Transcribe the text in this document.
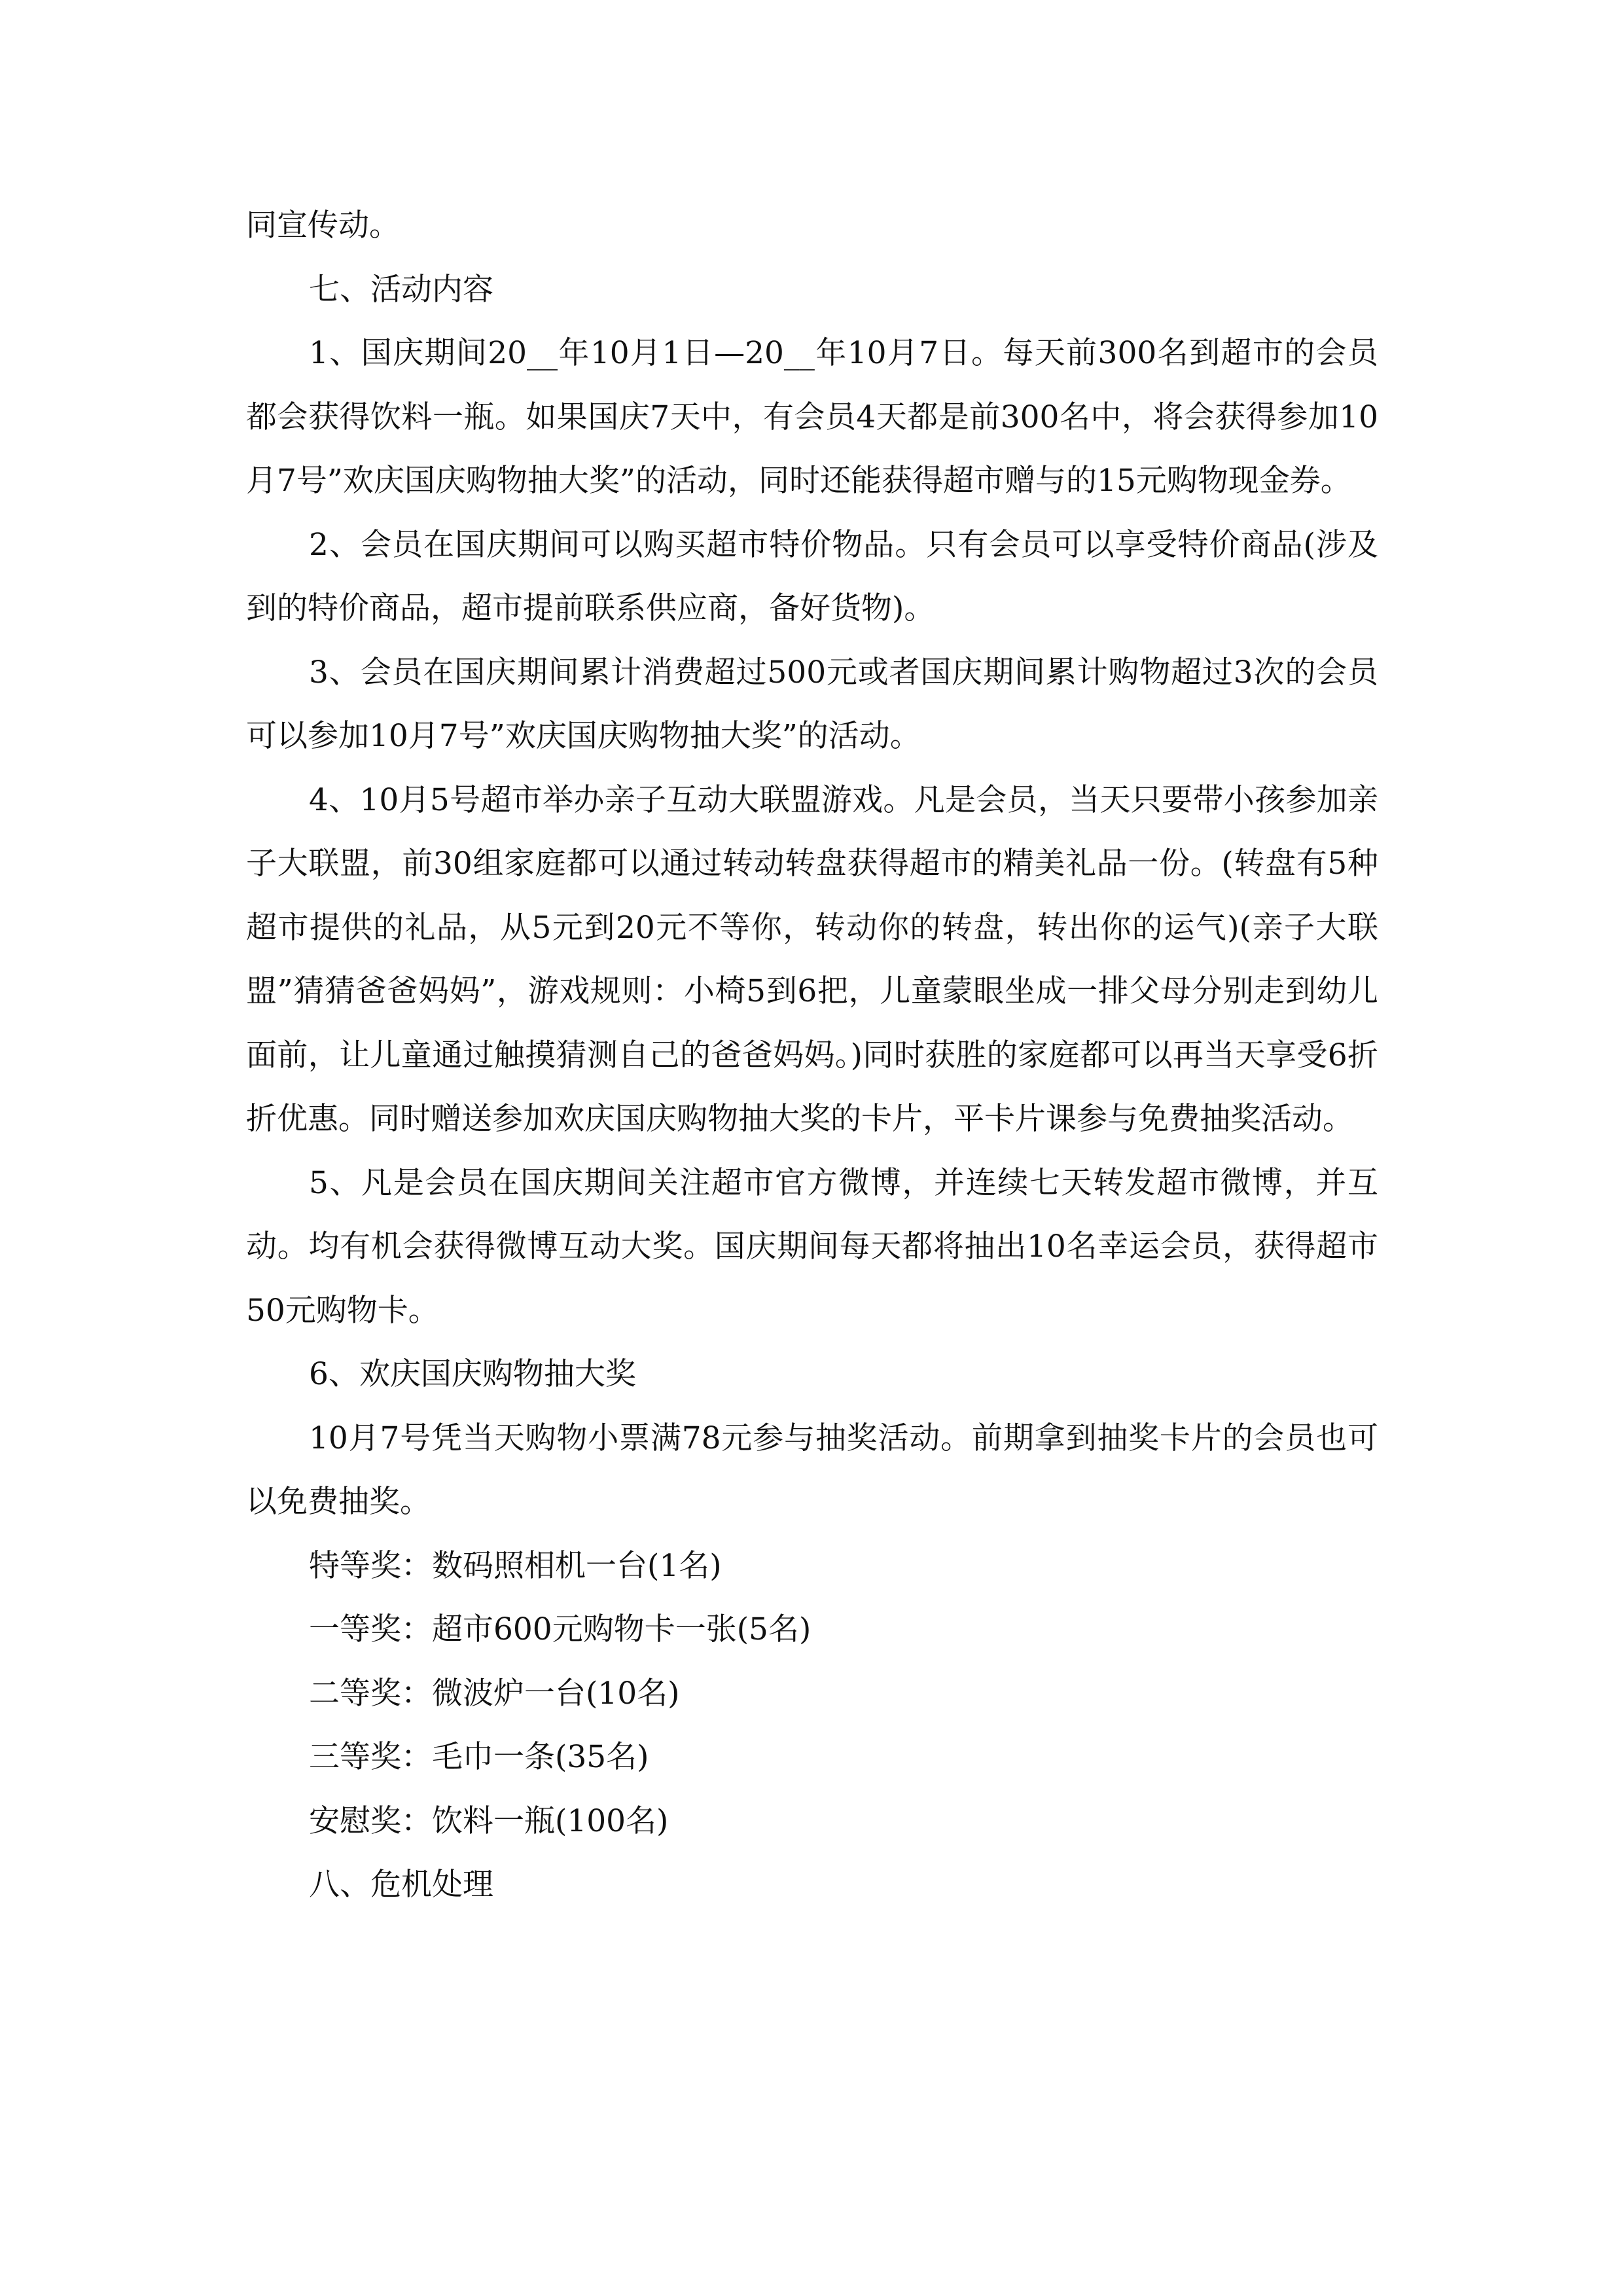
同宣传动。

七、活动内容

1、国庆期间20__年10月1日—20__年10月7日。每天前300名到超市的会员都会获得饮料一瓶。如果国庆7天中，有会员4天都是前300名中，将会获得参加10月7号”欢庆国庆购物抽大奖”的活动，同时还能获得超市赠与的15元购物现金券。

2、会员在国庆期间可以购买超市特价物品。只有会员可以享受特价商品(涉及到的特价商品，超市提前联系供应商，备好货物)。

3、会员在国庆期间累计消费超过500元或者国庆期间累计购物超过3次的会员可以参加10月7号”欢庆国庆购物抽大奖”的活动。

4、10月5号超市举办亲子互动大联盟游戏。凡是会员，当天只要带小孩参加亲子大联盟，前30组家庭都可以通过转动转盘获得超市的精美礼品一份。(转盘有5种超市提供的礼品，从5元到20元不等你，转动你的转盘，转出你的运气)(亲子大联盟”猜猜爸爸妈妈”，游戏规则：小椅5到6把，儿童蒙眼坐成一排父母分别走到幼儿面前，让儿童通过触摸猜测自己的爸爸妈妈。)同时获胜的家庭都可以再当天享受6折折优惠。同时赠送参加欢庆国庆购物抽大奖的卡片，平卡片课参与免费抽奖活动。

5、凡是会员在国庆期间关注超市官方微博，并连续七天转发超市微博，并互动。均有机会获得微博互动大奖。国庆期间每天都将抽出10名幸运会员，获得超市50元购物卡。

6、欢庆国庆购物抽大奖

10月7号凭当天购物小票满78元参与抽奖活动。前期拿到抽奖卡片的会员也可以免费抽奖。

特等奖：数码照相机一台(1名)

一等奖：超市600元购物卡一张(5名)

二等奖：微波炉一台(10名)

三等奖：毛巾一条(35名)

安慰奖：饮料一瓶(100名)

八、危机处理
